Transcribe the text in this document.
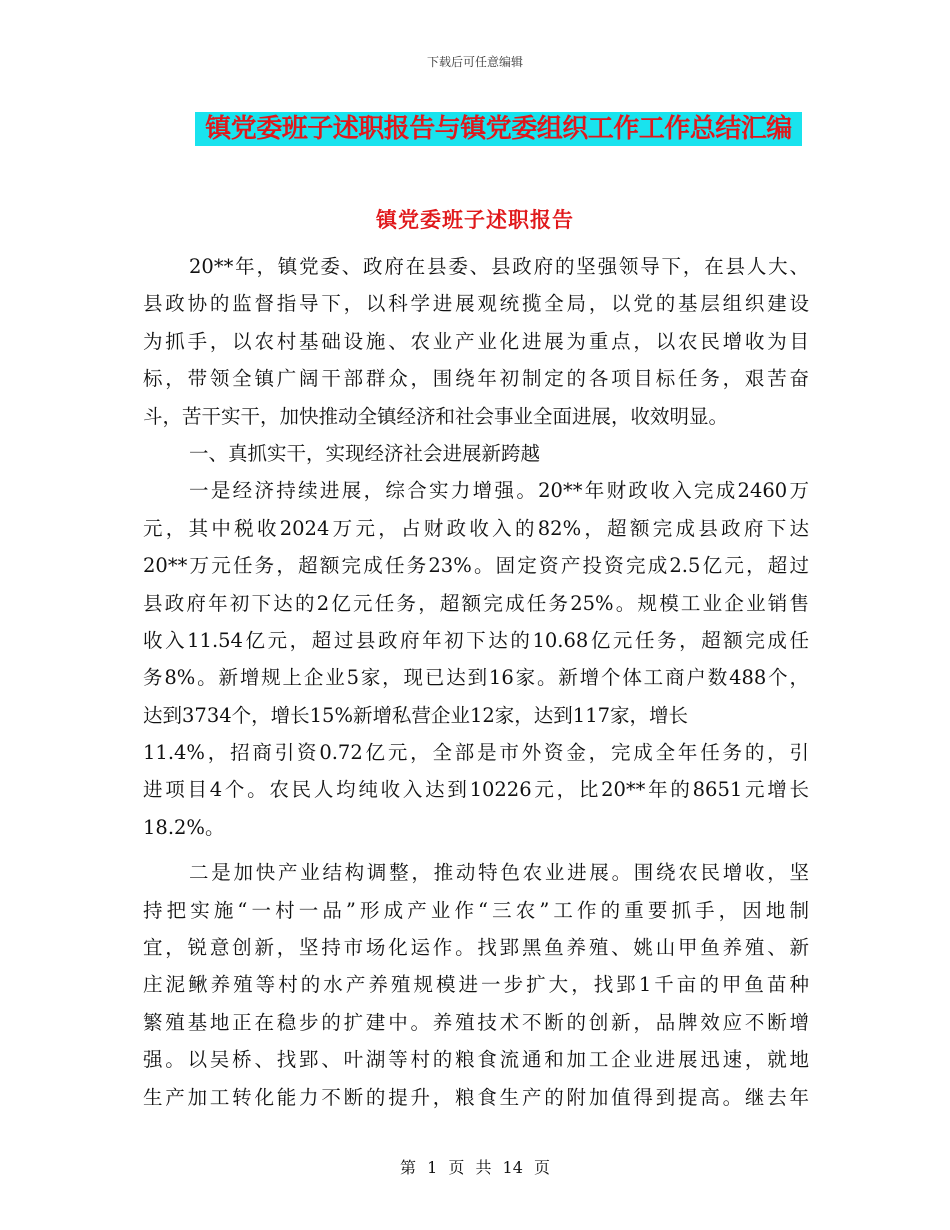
下载后可任意编辑
镇党委班子述职报告与镇党委组织工作工作总结汇编
镇党委班子述职报告
20**年，镇党委、政府在县委、县政府的坚强领导下，在县人大、
县政协的监督指导下，以科学进展观统揽全局，以党的基层组织建设
为抓手，以农村基础设施、农业产业化进展为重点，以农民增收为目
标，带领全镇广阔干部群众，围绕年初制定的各项目标任务，艰苦奋
斗，苦干实干，加快推动全镇经济和社会事业全面进展，收效明显。
一、真抓实干，实现经济社会进展新跨越
一是经济持续进展，综合实力增强。20**年财政收入完成2460万
元，其中税收2024万元，占财政收入的82%，超额完成县政府下达
20**万元任务，超额完成任务23%。固定资产投资完成2.5亿元，超过
县政府年初下达的2亿元任务，超额完成任务25%。规模工业企业销售
收入11.54亿元，超过县政府年初下达的10.68亿元任务，超额完成任
务8%。新增规上企业5家，现已达到16家。新增个体工商户数488个，
达到3734个，增长15%新增私营企业12家，达到117家，增长
11.4%，招商引资0.72亿元，全部是市外资金，完成全年任务的，引
进项目4个。农民人均纯收入达到10226元，比20**年的8651元增长
18.2%。
二是加快产业结构调整，推动特色农业进展。围绕农民增收，坚
持把实施“一村一品”形成产业作“三农”工作的重要抓手，因地制
宜，锐意创新，坚持市场化运作。找郢黑鱼养殖、姚山甲鱼养殖、新
庄泥鳅养殖等村的水产养殖规模进一步扩大，找郢1千亩的甲鱼苗种
繁殖基地正在稳步的扩建中。养殖技术不断的创新，品牌效应不断增
强。以吴桥、找郢、叶湖等村的粮食流通和加工企业进展迅速，就地
生产加工转化能力不断的提升，粮食生产的附加值得到提高。继去年
第 1 页 共 14 页
